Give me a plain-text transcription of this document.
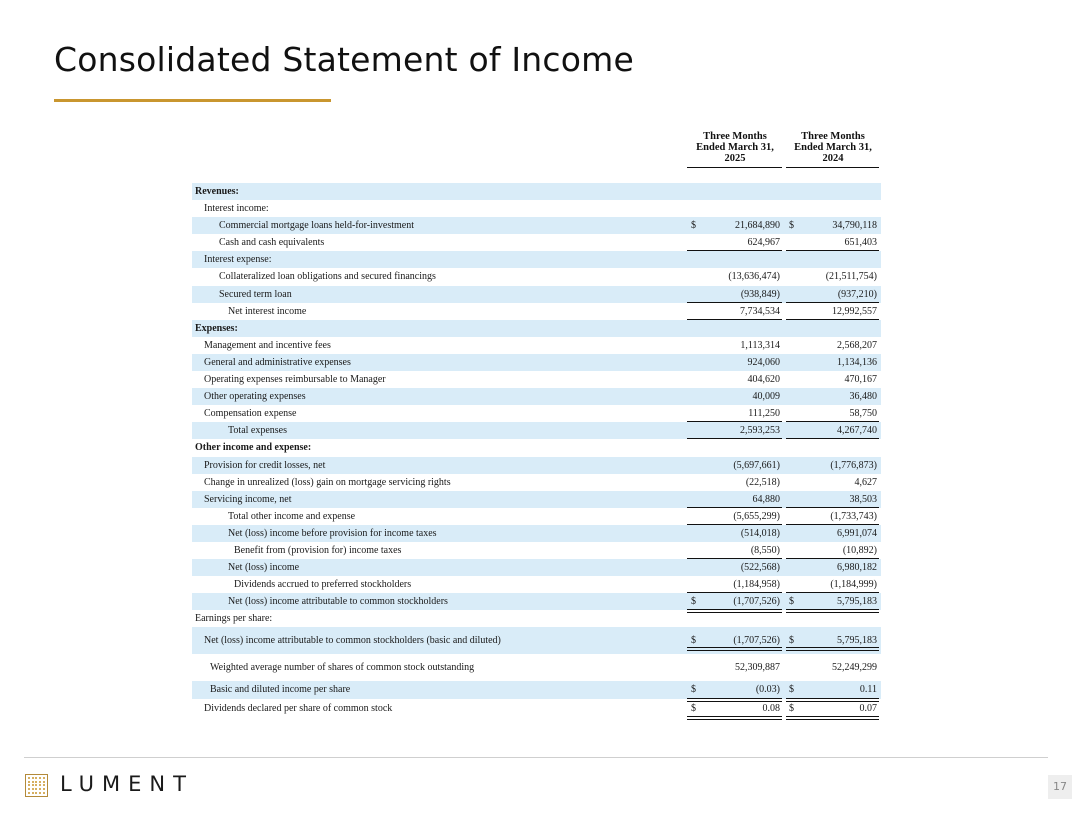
Consolidated Statement of Income
Three Months
Ended March 31,
2025
Three Months
Ended March 31,
2024
Revenues:
Interest income:
Commercial mortgage loans held-for-investment	$	21,684,890 $	34,790,118
Cash and cash equivalents	624,967	651,403
Interest expense:
Collateralized loan obligations and secured financings	(13,636,474)	(21,511,754)
Secured term loan	(938,849)	(937,210)
Net interest income	7,734,534	12,992,557
Expenses:
Management and incentive fees	1,113,314	2,568,207
General and administrative expenses	924,060	1,134,136
Operating expenses reimbursable to Manager	404,620	470,167
Other operating expenses	40,009	36,480
Compensation expense	111,250	58,750
Total expenses	2,593,253	4,267,740
Other income and expense:
Provision for credit losses, net	(5,697,661)	(1,776,873)
Change in unrealized (loss) gain on mortgage servicing rights	(22,518)	4,627
Servicing income, net	64,880	38,503
Total other income and expense	(5,655,299)	(1,733,743)
Net (loss) income before provision for income taxes	(514,018)	6,991,074
Benefit from (provision for) income taxes	(8,550)	(10,892)
Net (loss) income	(522,568)	6,980,182
Dividends accrued to preferred stockholders	(1,184,958)	(1,184,999)
Net (loss) income attributable to common stockholders	$	(1,707,526) $	5,795,183
Earnings per share:
Net (loss) income attributable to common stockholders (basic and diluted)	$	(1,707,526) $	5,795,183
Weighted average number of shares of common stock outstanding	52,309,887	52,249,299
Basic and diluted income per share	$	(0.03) $	0.11
Dividends declared per share of common stock	$	0.08 $	0.07
LUMENT	17
